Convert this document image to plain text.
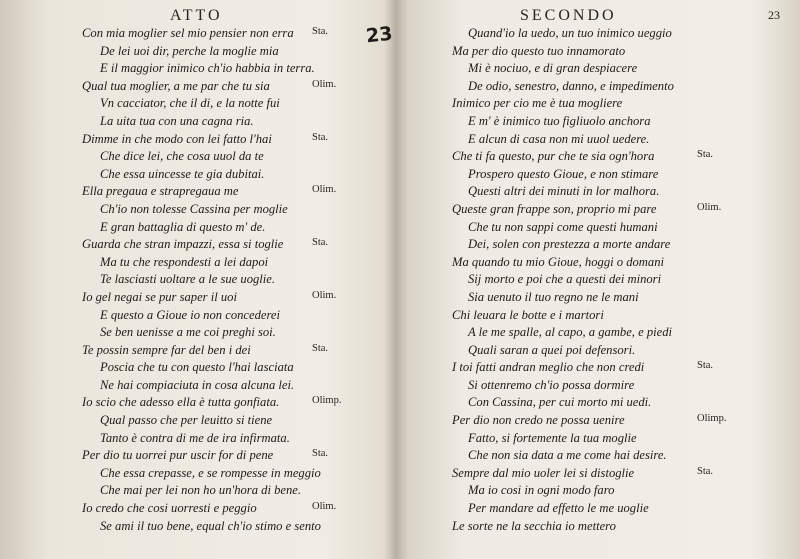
ATTO
23
Con mia moglier sel mio pensier non erra Sta.
De lei uoi dir, perche la moglie mia
E il maggior inimico ch'io habbia in terra.
Qual tua moglier, a me par che tu sia	Olim.
Vn cacciator, che il di, e la notte fui
La uita tua con una cagna ria.
Dimme in che modo con lei fatto l'hai	Sta.
Che dice lei, che cosa uuol da te
Che essa uincesse te gia dubitai.
Ella pregaua e strapregaua me	Olim.
Ch'io non tolesse Cassina per moglie
E gran battaglia di questo m' de.
Guarda che stran impazzi, essa si toglie	Sta.
Ma tu che respondesti a lei dapoi
Te lasciasti uoltare a le sue uoglie.
Io gel negai se pur saper il uoi	Olim.
E questo a Gioue io non concederei
Se ben uenisse a me coi preghi soi.
Te possin sempre far del ben i dei	Sta.
Poscia che tu con questo l'hai lasciata
Ne hai compiaciuta in cosa alcuna lei.
Io scio che adesso ella è tutta gonfiata.	Olimp.
Qual passo che per leuitto si tiene
Tanto è contra di me de ira infirmata.
Per dio tu uorrei pur uscir for di pene	Sta.
Che essa crepasse, e se rompesse in meggio
Che mai per lei non ho un'hora di bene.
Io credo che cosi uorresti e peggio	Olim.
Se ami il tuo bene, equal ch'io stimo e sento
SECONDO	23
Quand'io la uedo, un tuo inimico ueggio
Ma per dio questo tuo innamorato
Mi è nociuo, e di gran despiacere
De odio, senestro, danno, e impedimento
Inimico per cio me è tua mogliere
E m' è inimico tuo figliuolo anchora
E alcun di casa non mi uuol uedere.
Che ti fa questo, pur che te sia ogn'hora	Sta.
Prospero questo Gioue, e non stimare
Questi altri dei minuti in lor malhora.
Queste gran frappe son, proprio mi pare	Olim.
Che tu non sappi come questi humani
Dei, solen con prestezza a morte andare
Ma quando tu mio Gioue, hoggi o domani
Sij morto e poi che a questi dei minori
Sia uenuto il tuo regno ne le mani
Chi leuara le botte e i martori
A le me spalle, al capo, a gambe, e piedi
Quali saran a quei poi defensori.
I toi fatti andran meglio che non credi	Sta.
Si ottenremo ch'io possa dormire
Con Cassina, per cui morto mi uedi.
Per dio non credo ne possa uenire	Olimp.
Fatto, si fortemente la tua moglie
Che non sia data a me come hai desire.
Sempre dal mio uoler lei si distoglie	Sta.
Ma io cosi in ogni modo faro
Per mandare ad effetto le me uoglie
Le sorte ne la secchia io mettero
